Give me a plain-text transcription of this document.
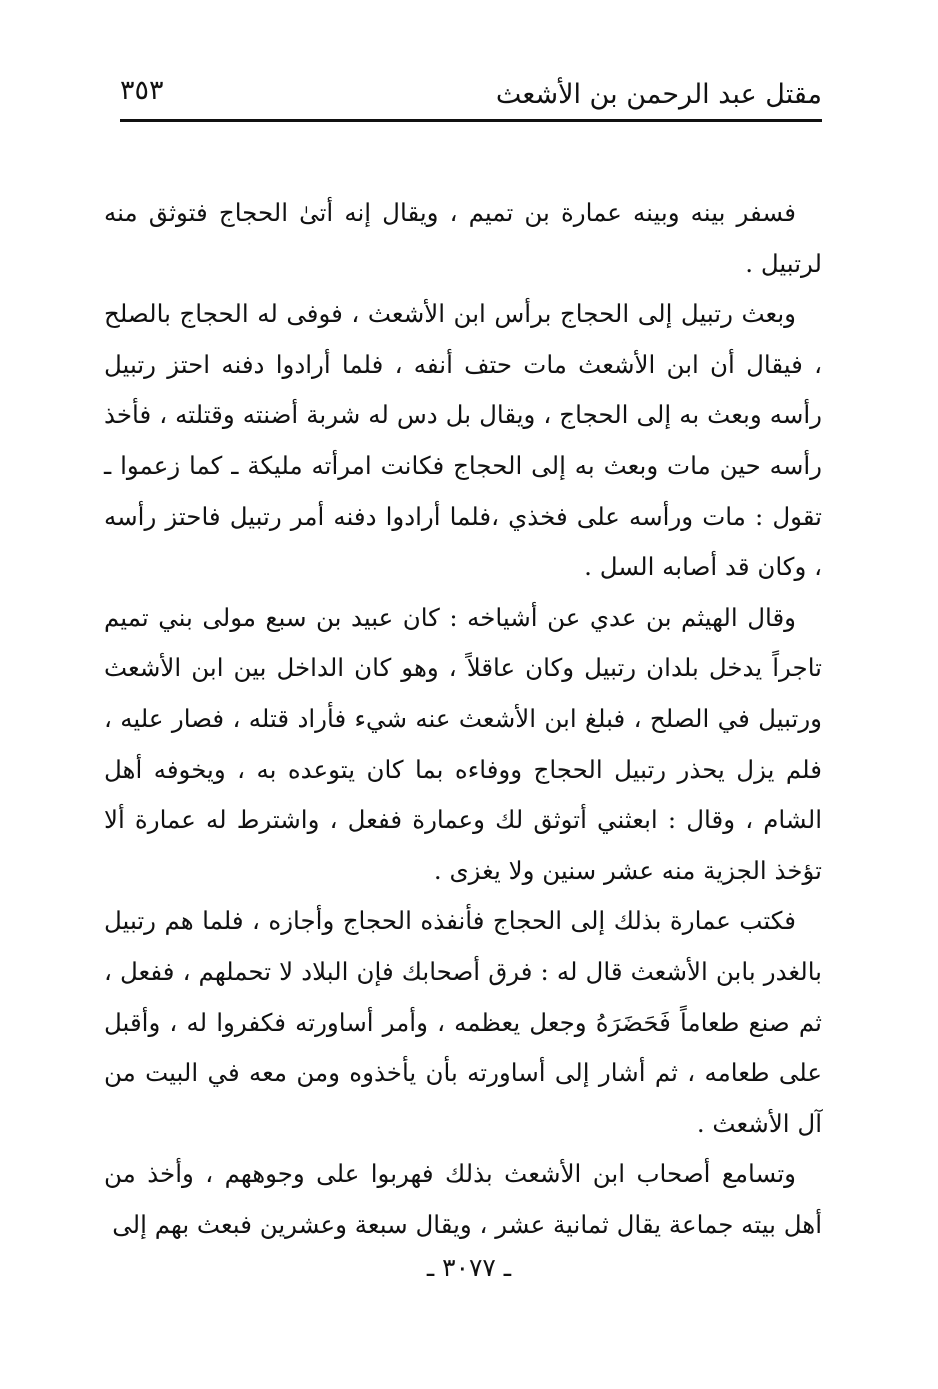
مقتل عبد الرحمن بن الأشعث
٣٥٣

فسفر بينه وبينه عمارة بن تميم ، ويقال إنه أتىٰ الحجاج فتوثق منه لرتبيل .

وبعث رتبيل إلى الحجاج برأس ابن الأشعث ، فوفى له الحجاج بالصلح ، فيقال أن ابن الأشعث مات حتف أنفه ، فلما أرادوا دفنه احتز رتبيل رأسه وبعث به إلى الحجاج ، ويقال بل دس له شربة أضنته وقتلته ، فأخذ رأسه حين مات وبعث به إلى الحجاج فكانت امرأته مليكة ـ كما زعموا ـ تقول : مات ورأسه على فخذي ،فلما أرادوا دفنه أمر رتبيل فاحتز رأسه ، وكان قد أصابه السل .

وقال الهيثم بن عدي عن أشياخه : كان عبيد بن سبع مولى بني تميم تاجراً يدخل بلدان رتبيل وكان عاقلاً ، وهو كان الداخل بين ابن الأشعث ورتبيل في الصلح ، فبلغ ابن الأشعث عنه شيء فأراد قتله ، فصار عليه ، فلم يزل يحذر رتبيل الحجاج ووفاءه بما كان يتوعده به ، ويخوفه أهل الشام ، وقال : ابعثني أتوثق لك وعمارة ففعل ، واشترط له عمارة ألا تؤخذ الجزية منه عشر سنين ولا يغزى .

فكتب عمارة بذلك إلى الحجاج فأنفذه الحجاج وأجازه ، فلما هم رتبيل بالغدر بابن الأشعث قال له : فرق أصحابك فإن البلاد لا تحملهم ، ففعل ، ثم صنع طعاماً فَحَضَرَهُ وجعل يعظمه ، وأمر أساورته فكفروا له ، وأقبل على طعامه ، ثم أشار إلى أساورته بأن يأخذوه ومن معه في البيت من آل الأشعث .

وتسامع أصحاب ابن الأشعث بذلك فهربوا على وجوههم ، وأخذ من أهل بيته جماعة يقال ثمانية عشر ، ويقال سبعة وعشرين فبعث بهم إلى

ـ ٣٠٧٧ ـ
